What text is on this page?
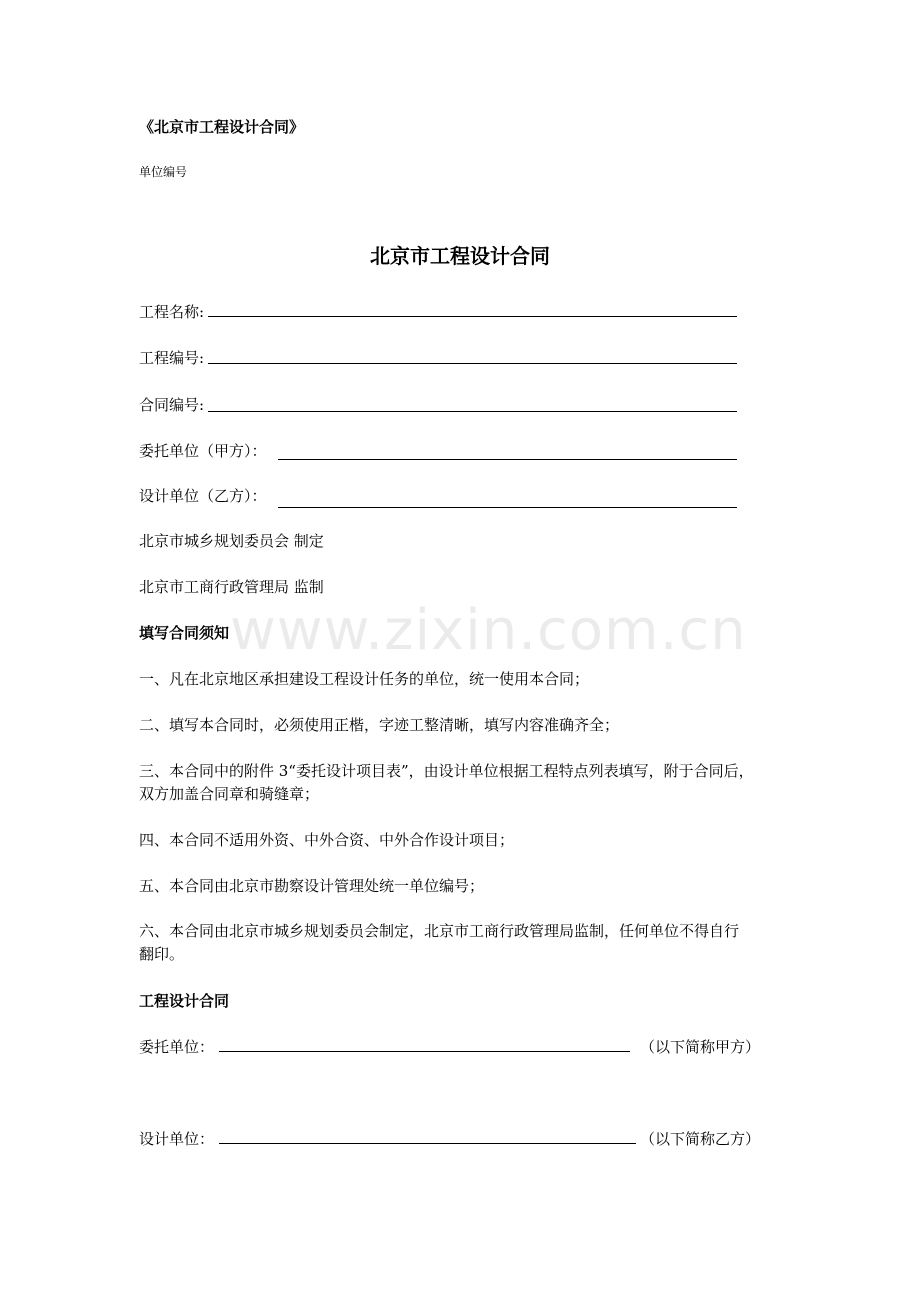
www.zixin.com.cn
《北京市工程设计合同》
单位编号
北京市工程设计合同
工程名称:
工程编号:
合同编号:
委托单位（甲方）：
设计单位（乙方）：
北京市城乡规划委员会 制定
北京市工商行政管理局 监制
填写合同须知
一、凡在北京地区承担建设工程设计任务的单位，统一使用本合同；
二、填写本合同时，必须使用正楷，字迹工整清晰，填写内容准确齐全；
三、本合同中的附件 3“委托设计项目表”，由设计单位根据工程特点列表填写，附于合同后，
双方加盖合同章和骑缝章；
四、本合同不适用外资、中外合资、中外合作设计项目；
五、本合同由北京市勘察设计管理处统一单位编号；
六、本合同由北京市城乡规划委员会制定，北京市工商行政管理局监制，任何单位不得自行
翻印。
工程设计合同
委托单位：	（以下简称甲方）
设计单位：	（以下简称乙方）
